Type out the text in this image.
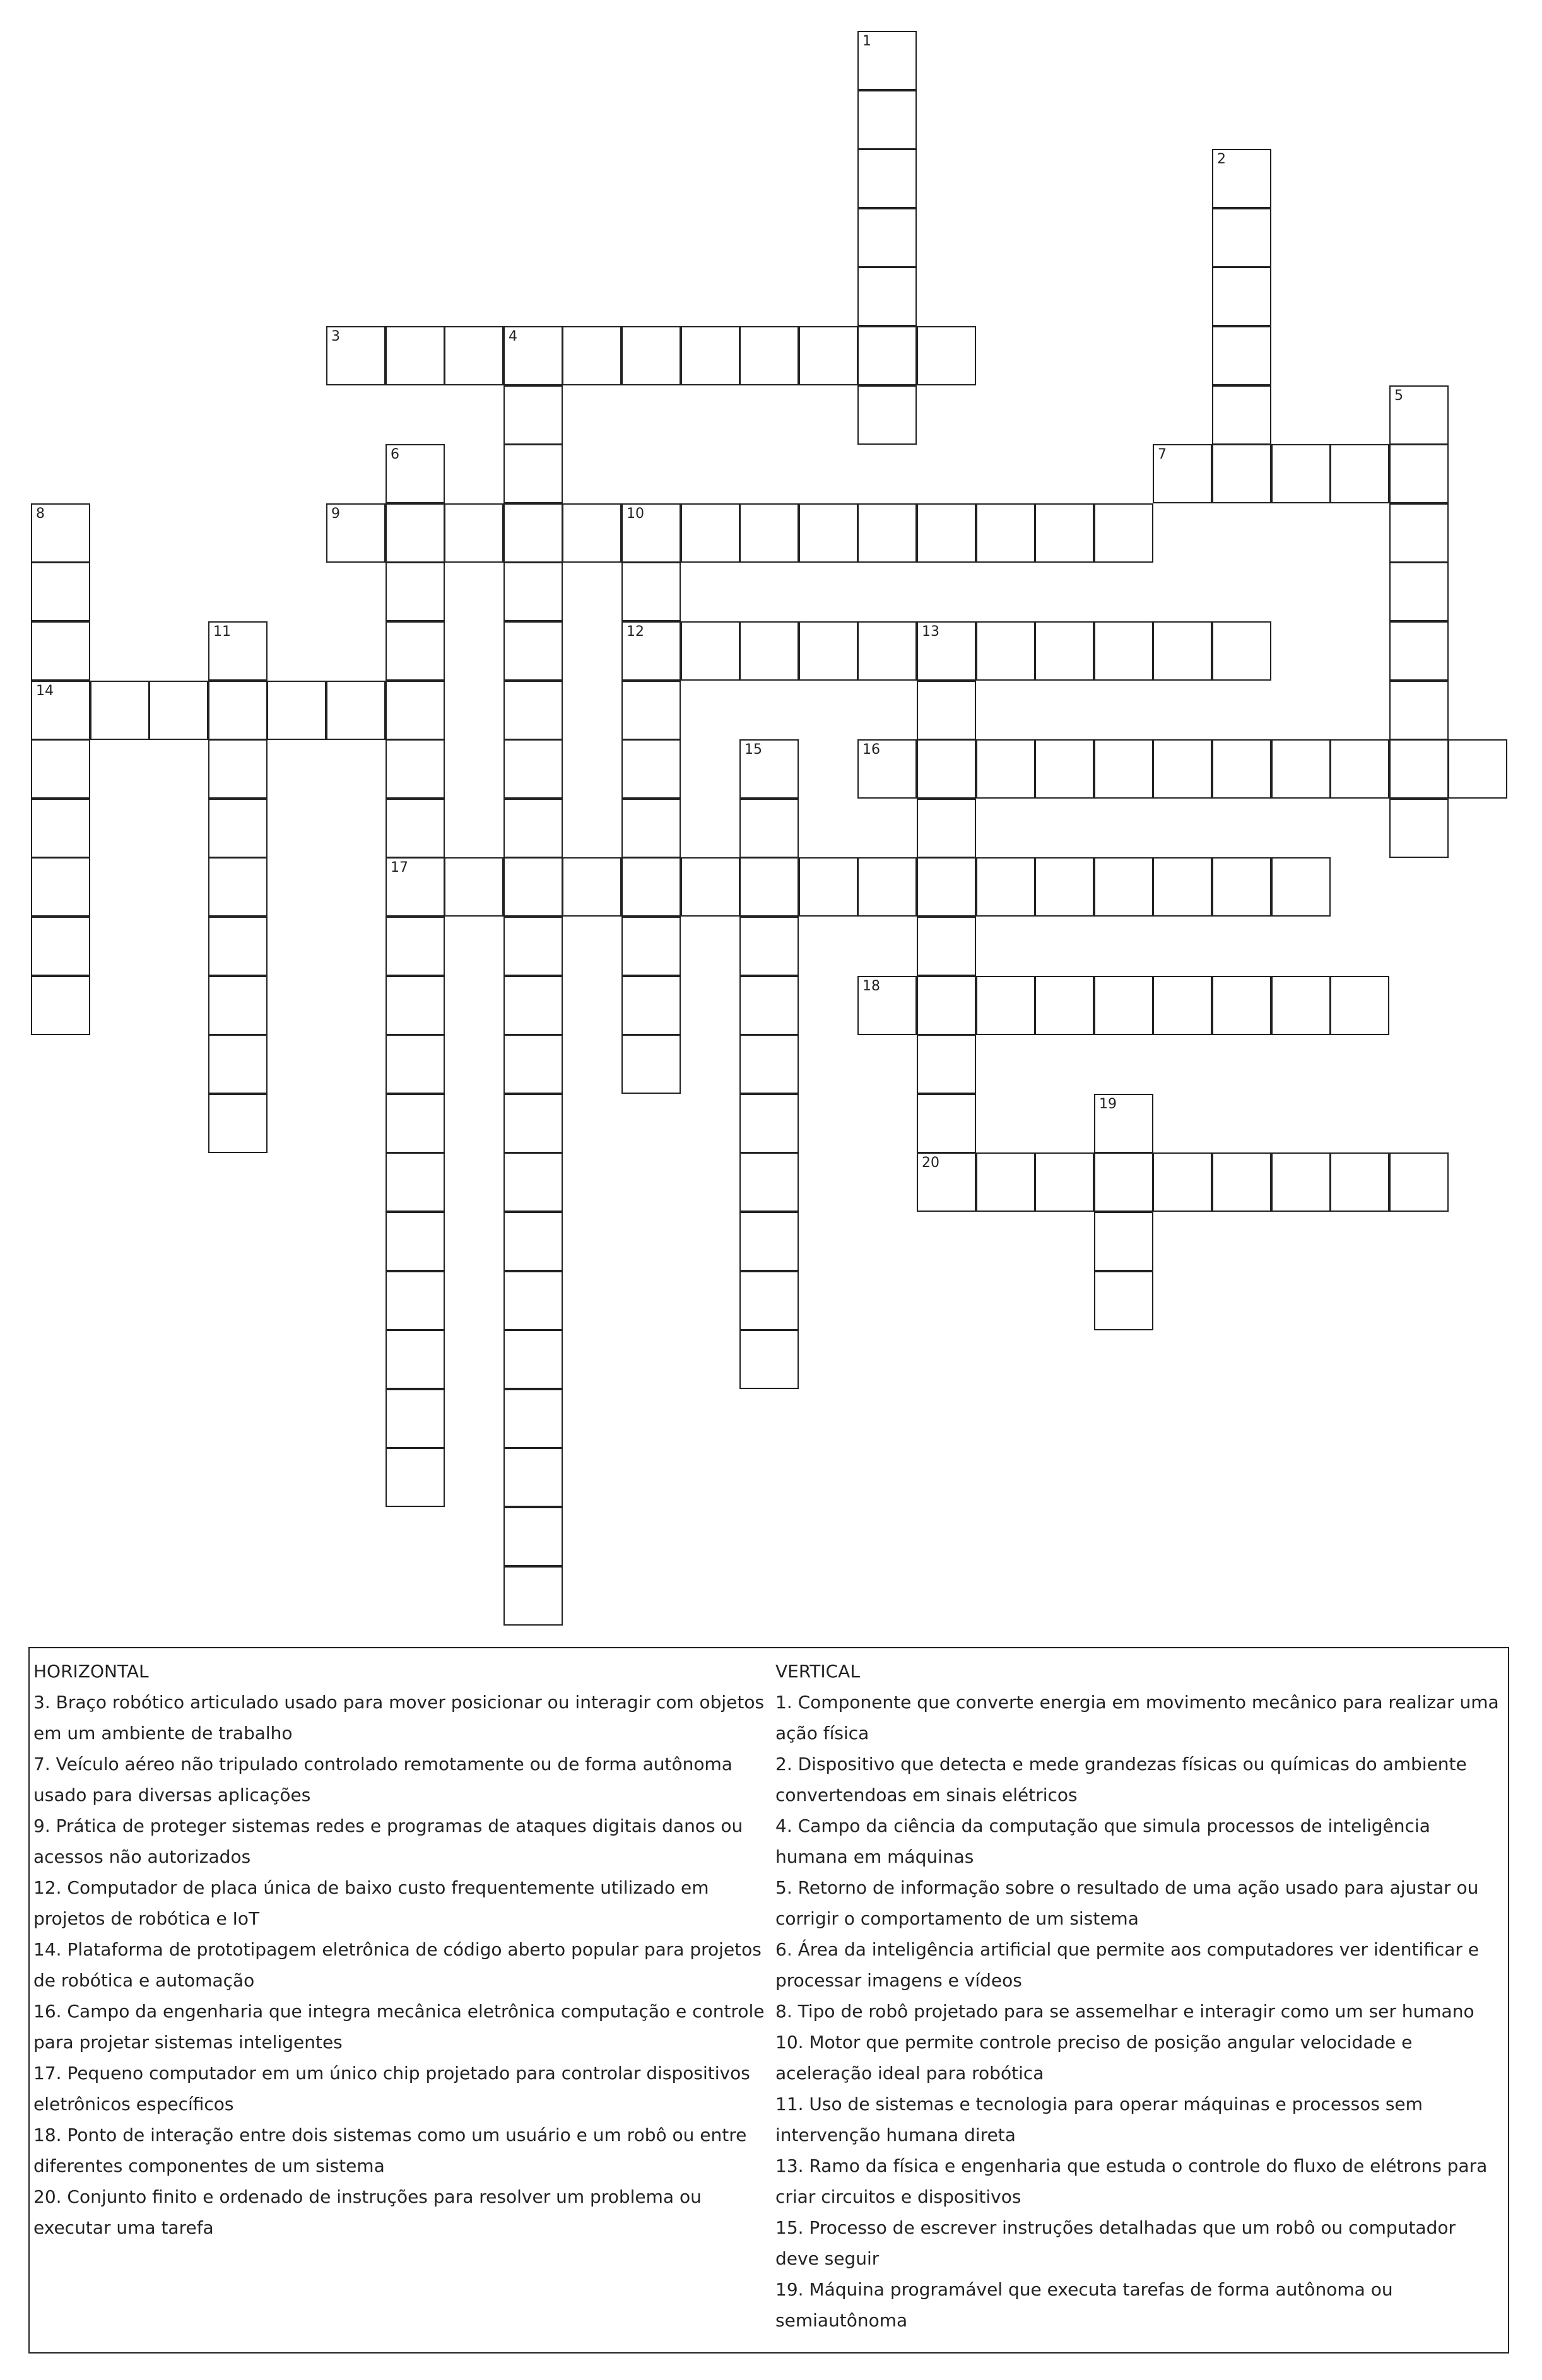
1
2
3	4
5
6
17
7
8
14
9	10
12
11	13
15	16
18
19
20
HORIZONTAL
3. Braço robótico articulado usado para mover posicionar ou interagir com objetos em um ambiente de trabalho
7. Veículo aéreo não tripulado controlado remotamente ou de forma autônoma usado para diversas aplicações
9. Prática de proteger sistemas redes e programas de ataques digitais danos ou acessos não autorizados
12. Computador de placa única de baixo custo frequentemente utilizado em projetos de robótica e IoT
14. Plataforma de prototipagem eletrônica de código aberto popular para projetos de robótica e automação
16. Campo da engenharia que integra mecânica eletrônica computação e controle para projetar sistemas inteligentes
17. Pequeno computador em um único chip projetado para controlar dispositivos eletrônicos específicos
18. Ponto de interação entre dois sistemas como um usuário e um robô ou entre diferentes componentes de um sistema
20. Conjunto finito e ordenado de instruções para resolver um problema ou executar uma tarefa
VERTICAL
1. Componente que converte energia em movimento mecânico para realizar uma ação física
2. Dispositivo que detecta e mede grandezas físicas ou químicas do ambiente convertendoas em sinais elétricos
4. Campo da ciência da computação que simula processos de inteligência humana em máquinas
5. Retorno de informação sobre o resultado de uma ação usado para ajustar ou corrigir o comportamento de um sistema
6. Área da inteligência artificial que permite aos computadores ver identificar e processar imagens e vídeos
8. Tipo de robô projetado para se assemelhar e interagir como um ser humano
10. Motor que permite controle preciso de posição angular velocidade e aceleração ideal para robótica
11. Uso de sistemas e tecnologia para operar máquinas e processos sem intervenção humana direta
13. Ramo da física e engenharia que estuda o controle do fluxo de elétrons para criar circuitos e dispositivos
15. Processo de escrever instruções detalhadas que um robô ou computador deve seguir
19. Máquina programável que executa tarefas de forma autônoma ou semiautônoma
